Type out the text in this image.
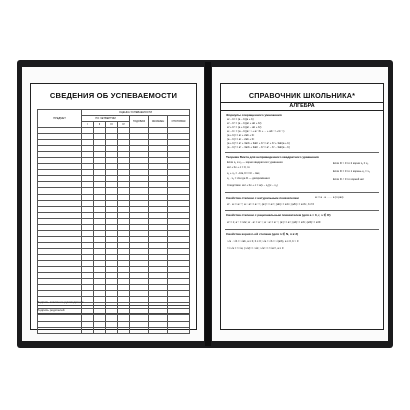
СВЕДЕНИЯ ОБ УСПЕВАЕМОСТИ
ПРЕДМЕТ	ОЦЕНКА УСПЕВАЕМОСТИ						
	ПО ЧЕТВЕРТЯМ				ГОДОВАЯ	ЭКЗАМЕН	ИТОГОВАЯ
	I	II	III	IV			

Подпись классного руководителя
Подпись родителей
СПРАВОЧНИК ШКОЛЬНИКА*
АЛГЕБРА
Формулы сокращенного умножения
a² − b² = (a − b)(a + b)
a³ − b³ = (a − b)(a² + ab + b²)
a³ + b³ = (a + b)(a² − ab + b²)
aⁿ − bⁿ = (a − b)(aⁿ⁻¹ + aⁿ⁻²b + ... + abⁿ⁻² + bⁿ⁻¹)
(a + b)² = a² + 2ab + b²
(a − b)² = a² − 2ab + b²
(a + b)³ = a³ + 3a²b + 3ab² + b³ = a³ + b³ + 3ab(a + b)
(a − b)³ = a³ − 3a²b + 3ab² − b³ = a³ − b³ − 3ab(a − b)
Теорема Виета для неприведенного квадратного уравнения
Если x₁ и x₂ — корни квадратного уравнения
ax² + bx + c = 0, то
x₁ + x₂ = −b/a, D = b² − 4ac,
x₁ · x₂ = c/a где D — дискриминант.
Следствие: ax² + bx + c = a(x − x₁)(x − x₂)
Если D > 0 то 2 корня x₁ ≠ x₂
Если D = 0 то 1 корень x₁ = x₂
Если D < 0 то корней нет
Свойства степени с натуральным показателем	aⁿ = a · a · ... · a (n раз)
a⁰ · aⁿ = aⁿ⁺⁰; aⁿ : aᵐ = aⁿ⁻ᵐ; (aⁿ)ᵐ = aⁿᵐ; (ab)ⁿ = aⁿbⁿ; (a/b)ⁿ = aⁿ/bⁿ, b ≠ 0
Свойства степени с рациональным показателем (для a > 0, r, s ∈ R)
a⁰ = 1; a⁻ʳ = 1/aʳ; aʳ · aˢ = aʳ⁺ˢ; aʳ : aˢ = aʳ⁻ˢ; (aʳ)ˢ = aʳˢ; (ab)ʳ = aʳbʳ; (a/b)ʳ = aʳ/bʳ
Свойства корня n-ой степени (для n ∈ N, n ≥ 2)
ⁿ√a · ⁿ√b = ⁿ√ab, a ≥ 0, b ≥ 0; ⁿ√a / ⁿ√b = ⁿ√(a/b), a ≥ 0, b > 0
ᵐ√ⁿ√a = ᵐⁿ√a; (ⁿ√a)ᵏ = ⁿ√aᵏ; ⁿ√aᵐ = ⁿᵏ√aᵐᵏ, a ≥ 0
